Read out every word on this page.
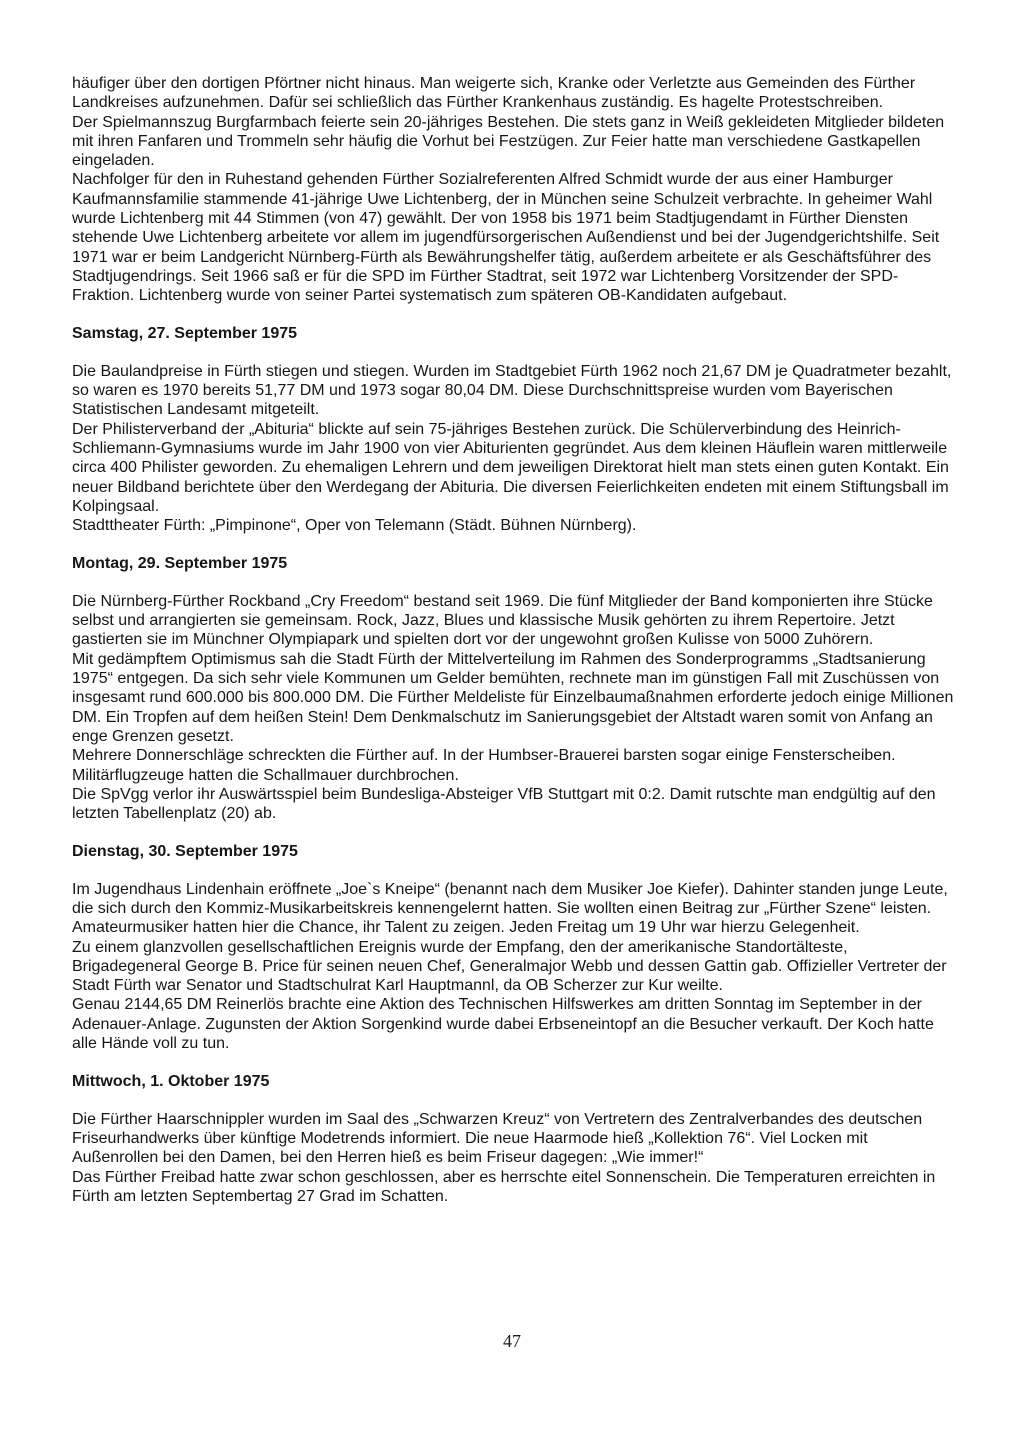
häufiger über den dortigen Pförtner nicht hinaus. Man weigerte sich, Kranke oder Verletzte aus Gemeinden des Fürther Landkreises aufzunehmen. Dafür sei schließlich das Fürther Krankenhaus zuständig. Es hagelte Protestschreiben.

Der Spielmannszug Burgfarmbach feierte sein 20-jähriges Bestehen. Die stets ganz in Weiß gekleideten Mitglieder bildeten mit ihren Fanfaren und Trommeln sehr häufig die Vorhut bei Festzügen. Zur Feier hatte man verschiedene Gastkapellen eingeladen.

Nachfolger für den in Ruhestand gehenden Fürther Sozialreferenten Alfred Schmidt wurde der aus einer Hamburger Kaufmannsfamilie stammende 41-jährige Uwe Lichtenberg, der in München seine Schulzeit verbrachte. In geheimer Wahl wurde Lichtenberg mit 44 Stimmen (von 47) gewählt. Der von 1958 bis 1971 beim Stadtjugendamt in Fürther Diensten stehende Uwe Lichtenberg arbeitete vor allem im jugendfürsorgerischen Außendienst und bei der Jugendgerichtshilfe. Seit 1971 war er beim Landgericht Nürnberg-Fürth als Bewährungshelfer tätig, außerdem arbeitete er als Geschäftsführer des Stadtjugendrings. Seit 1966 saß er für die SPD im Fürther Stadtrat, seit 1972 war Lichtenberg Vorsitzender der SPD-Fraktion. Lichtenberg wurde von seiner Partei systematisch zum späteren OB-Kandidaten aufgebaut.

Samstag, 27. September 1975

Die Baulandpreise in Fürth stiegen und stiegen. Wurden im Stadtgebiet Fürth 1962 noch 21,67 DM je Quadratmeter bezahlt, so waren es 1970 bereits 51,77 DM und 1973 sogar 80,04 DM. Diese Durchschnittspreise wurden vom Bayerischen Statistischen Landesamt mitgeteilt.

Der Philisterverband der „Abituria“ blickte auf sein 75-jähriges Bestehen zurück. Die Schülerverbindung des Heinrich-Schliemann-Gymnasiums wurde im Jahr 1900 von vier Abiturienten gegründet. Aus dem kleinen Häuflein waren mittlerweile circa 400 Philister geworden. Zu ehemaligen Lehrern und dem jeweiligen Direktorat hielt man stets einen guten Kontakt. Ein neuer Bildband berichtete über den Werdegang der Abituria. Die diversen Feierlichkeiten endeten mit einem Stiftungsball im Kolpingsaal.

Stadttheater Fürth: „Pimpinone“, Oper von Telemann (Städt. Bühnen Nürnberg).

Montag, 29. September 1975

Die Nürnberg-Fürther Rockband „Cry Freedom“ bestand seit 1969. Die fünf Mitglieder der Band komponierten ihre Stücke selbst und arrangierten sie gemeinsam. Rock, Jazz, Blues und klassische Musik gehörten zu ihrem Repertoire. Jetzt gastierten sie im Münchner Olympiapark und spielten dort vor der ungewohnt großen Kulisse von 5000 Zuhörern.

Mit gedämpftem Optimismus sah die Stadt Fürth der Mittelverteilung im Rahmen des Sonderprogramms „Stadtsanierung 1975“ entgegen. Da sich sehr viele Kommunen um Gelder bemühten, rechnete man im günstigen Fall mit Zuschüssen von insgesamt rund 600.000 bis 800.000 DM. Die Fürther Meldeliste für Einzelbaumaßnahmen erforderte jedoch einige Millionen DM. Ein Tropfen auf dem heißen Stein! Dem Denkmalschutz im Sanierungsgebiet der Altstadt waren somit von Anfang an enge Grenzen gesetzt.

Mehrere Donnerschläge schreckten die Fürther auf. In der Humbser-Brauerei barsten sogar einige Fensterscheiben. Militärflugzeuge hatten die Schallmauer durchbrochen.

Die SpVgg verlor ihr Auswärtsspiel beim Bundesliga-Absteiger VfB Stuttgart mit 0:2. Damit rutschte man endgültig auf den letzten Tabellenplatz (20) ab.

Dienstag, 30. September 1975

Im Jugendhaus Lindenhain eröffnete „Joe`s Kneipe“ (benannt nach dem Musiker Joe Kiefer). Dahinter standen junge Leute, die sich durch den Kommiz-Musikarbeitskreis kennengelernt hatten. Sie wollten einen Beitrag zur „Fürther Szene“ leisten. Amateurmusiker hatten hier die Chance, ihr Talent zu zeigen. Jeden Freitag um 19 Uhr war hierzu Gelegenheit.

Zu einem glanzvollen gesellschaftlichen Ereignis wurde der Empfang, den der amerikanische Standortälteste, Brigadegeneral George B. Price für seinen neuen Chef, Generalmajor Webb und dessen Gattin gab. Offizieller Vertreter der Stadt Fürth war Senator und Stadtschulrat Karl Hauptmannl, da OB Scherzer zur Kur weilte.

Genau 2144,65 DM Reinerlös brachte eine Aktion des Technischen Hilfswerkes am dritten Sonntag im September in der Adenauer-Anlage. Zugunsten der Aktion Sorgenkind wurde dabei Erbseneintopf an die Besucher verkauft. Der Koch hatte alle Hände voll zu tun.

Mittwoch, 1. Oktober 1975

Die Fürther Haarschnippler wurden im Saal des „Schwarzen Kreuz“ von Vertretern des Zentralverbandes des deutschen Friseurhandwerks über künftige Modetrends informiert. Die neue Haarmode hieß „Kollektion 76“. Viel Locken mit Außenrollen bei den Damen, bei den Herren hieß es beim Friseur dagegen: „Wie immer!“

Das Fürther Freibad hatte zwar schon geschlossen, aber es herrschte eitel Sonnenschein. Die Temperaturen erreichten in Fürth am letzten Septembertag 27 Grad im Schatten.

47
